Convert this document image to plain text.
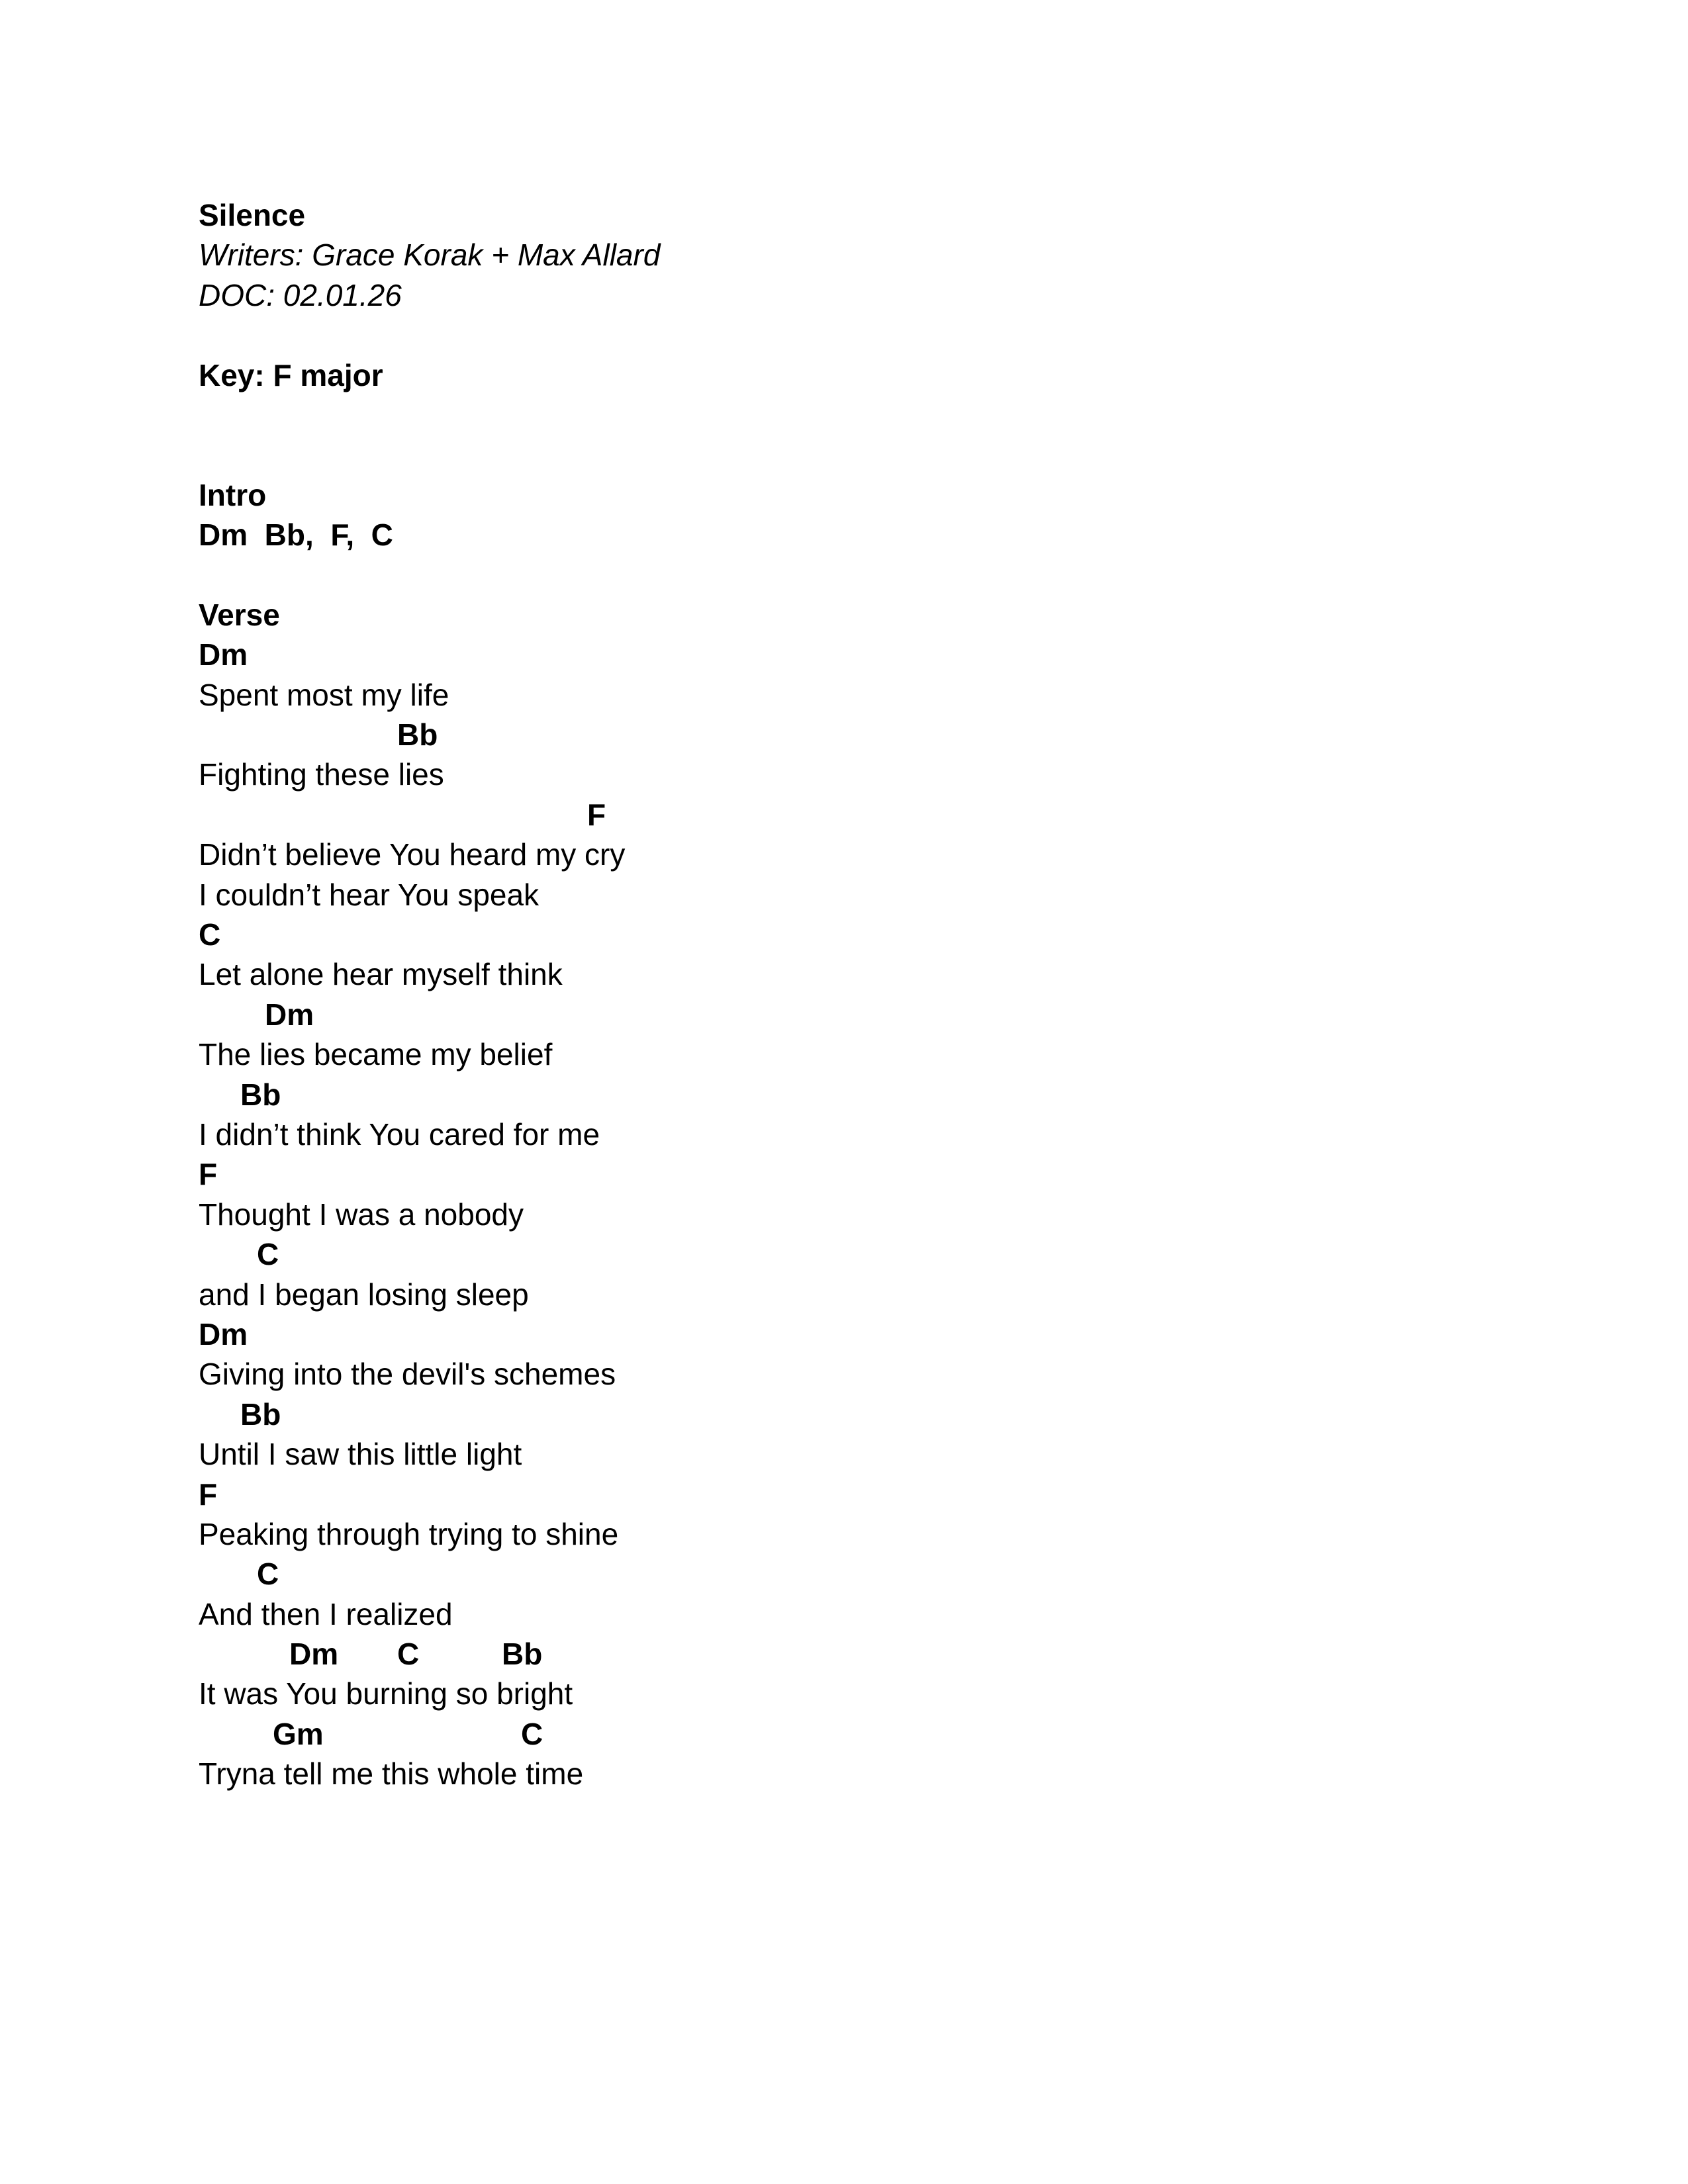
Silence
Writers: Grace Korak + Max Allard
DOC: 02.01.26
Key: F major
Intro
Dm  Bb,  F,  C
Verse

Dm

Spent most my life

Bb

Fighting these lies

F

Didn’t believe You heard my cry
I couldn’t hear You speak

C

Let alone hear myself think

Dm

The lies became my belief

Bb

I didn’t think You cared for me

F

Thought I was a nobody

C

and I began losing sleep

Dm

Giving into the devil's schemes

Bb

Until I saw this little light

F

Peaking through trying to shine

C

And then I realized

Dm

C

	Bb

It was You burning so bright

Gm

	C

Tryna tell me this whole time
